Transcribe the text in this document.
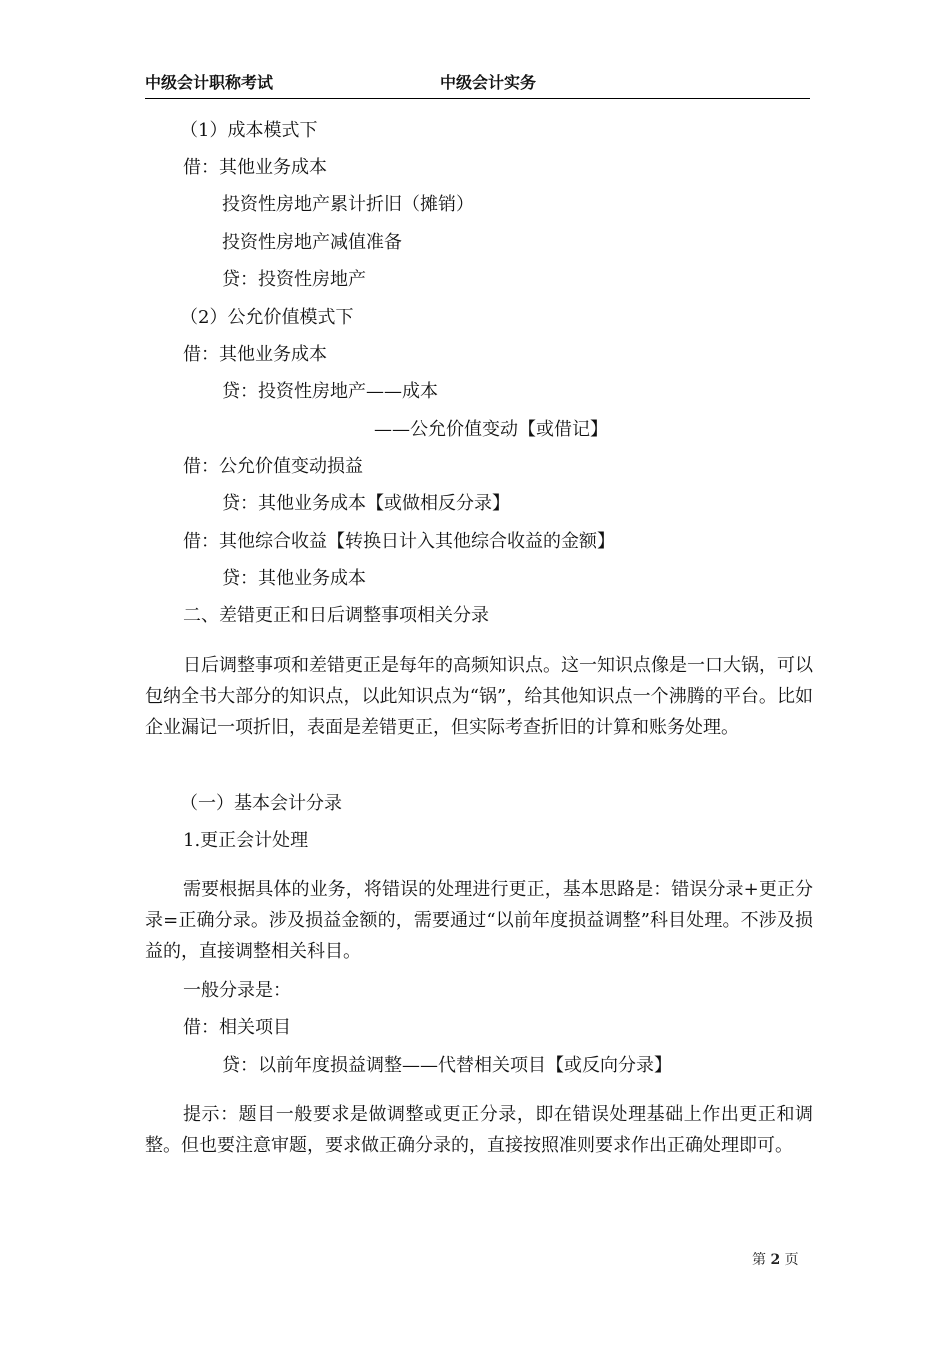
中级会计职称考试	中级会计实务
（1）成本模式下
借：其他业务成本
投资性房地产累计折旧（摊销）
投资性房地产减值准备
贷：投资性房地产
（2）公允价值模式下
借：其他业务成本
贷：投资性房地产——成本
——公允价值变动【或借记】
借：公允价值变动损益
贷：其他业务成本【或做相反分录】
借：其他综合收益【转换日计入其他综合收益的金额】
贷：其他业务成本
二、差错更正和日后调整事项相关分录
日后调整事项和差错更正是每年的高频知识点。这一知识点像是一口大锅，可以包纳全书大部分的知识点，以此知识点为“锅”，给其他知识点一个沸腾的平台。比如企业漏记一项折旧，表面是差错更正，但实际考查折旧的计算和账务处理。
（一）基本会计分录
1.更正会计处理
需要根据具体的业务，将错误的处理进行更正，基本思路是：错误分录+更正分录=正确分录。涉及损益金额的，需要通过“以前年度损益调整”科目处理。不涉及损益的，直接调整相关科目。
一般分录是：
借：相关项目
贷：以前年度损益调整——代替相关项目【或反向分录】
提示：题目一般要求是做调整或更正分录，即在错误处理基础上作出更正和调整。但也要注意审题，要求做正确分录的，直接按照准则要求作出正确处理即可。
第 2 页
